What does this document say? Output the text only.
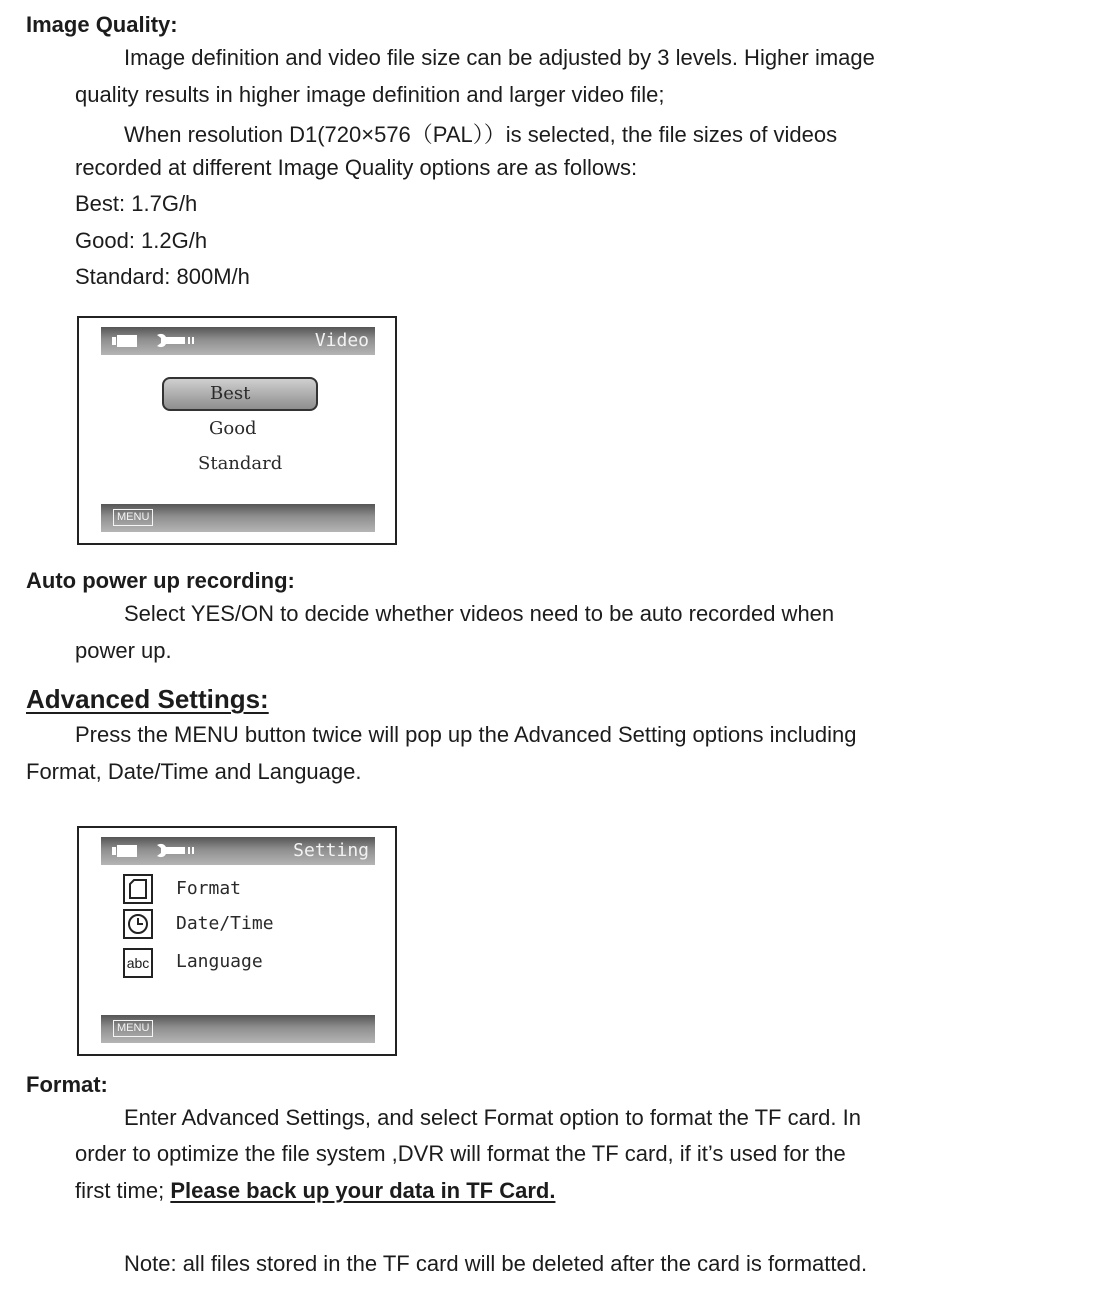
Image Quality:
Image definition and video file size can be adjusted by 3 levels. Higher image
quality results in higher image definition and larger video file;
When resolution D1(720×576（PAL））is selected, the file sizes of videos
recorded at different Image Quality options are as follows:
Best: 1.7G/h
Good: 1.2G/h
Standard: 800M/h
Video
Best
Good
Standard
MENU
Auto power up recording:
Select YES/ON to decide whether videos need to be auto recorded when
power up.
Advanced Settings:
Press the MENU button twice will pop up the Advanced Setting options including
Format, Date/Time and Language.
Setting
Format
Date/Time
abc Language
MENU
Format:
Enter Advanced Settings, and select Format option to format the TF card. In
order to optimize the file system ,DVR will format the TF card, if it’s used for the
first time; Please back up your data in TF Card.
Note: all files stored in the TF card will be deleted after the card is formatted.
